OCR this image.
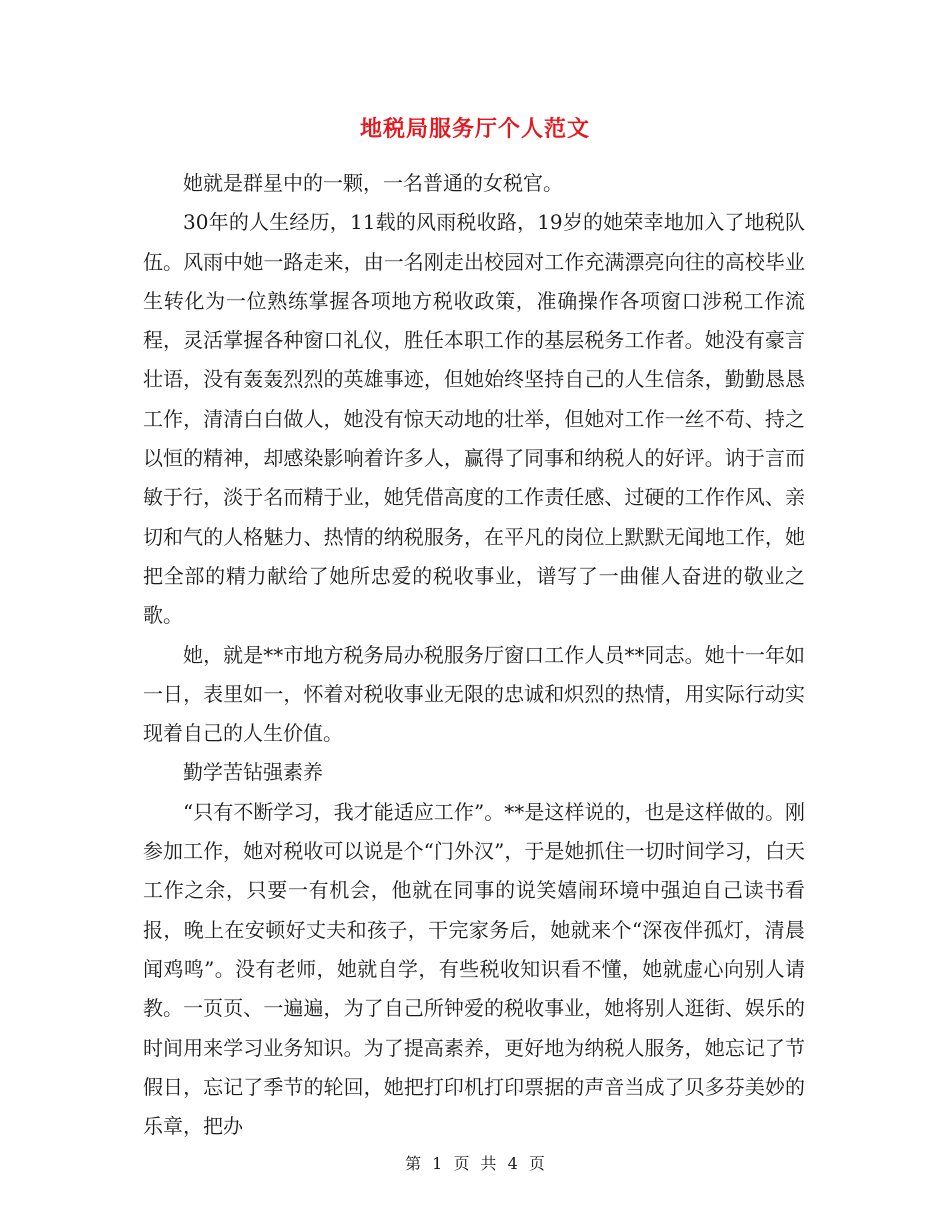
地税局服务厅个人范文

她就是群星中的一颗，一名普通的女税官。

30年的人生经历，11载的风雨税收路，19岁的她荣幸地加入了地税队伍。风雨中她一路走来，由一名刚走出校园对工作充满漂亮向往的高校毕业生转化为一位熟练掌握各项地方税收政策，准确操作各项窗口涉税工作流程，灵活掌握各种窗口礼仪，胜任本职工作的基层税务工作者。她没有豪言壮语，没有轰轰烈烈的英雄事迹，但她始终坚持自己的人生信条，勤勤恳恳工作，清清白白做人，她没有惊天动地的壮举，但她对工作一丝不苟、持之以恒的精神，却感染影响着许多人，赢得了同事和纳税人的好评。讷于言而敏于行，淡于名而精于业，她凭借高度的工作责任感、过硬的工作作风、亲切和气的人格魅力、热情的纳税服务，在平凡的岗位上默默无闻地工作，她把全部的精力献给了她所忠爱的税收事业，谱写了一曲催人奋进的敬业之歌。

她，就是**市地方税务局办税服务厅窗口工作人员**同志。她十一年如一日，表里如一，怀着对税收事业无限的忠诚和炽烈的热情，用实际行动实现着自己的人生价值。

勤学苦钻强素养

“只有不断学习，我才能适应工作”。**是这样说的，也是这样做的。刚参加工作，她对税收可以说是个“门外汉”，于是她抓住一切时间学习，白天工作之余，只要一有机会，他就在同事的说笑嬉闹环境中强迫自己读书看报，晚上在安顿好丈夫和孩子，干完家务后，她就来个“深夜伴孤灯，清晨闻鸡鸣”。没有老师，她就自学，有些税收知识看不懂，她就虚心向别人请教。一页页、一遍遍，为了自己所钟爱的税收事业，她将别人逛街、娱乐的时间用来学习业务知识。为了提高素养，更好地为纳税人服务，她忘记了节假日，忘记了季节的轮回，她把打印机打印票据的声音当成了贝多芬美妙的乐章，把办

第 1 页 共 4 页
